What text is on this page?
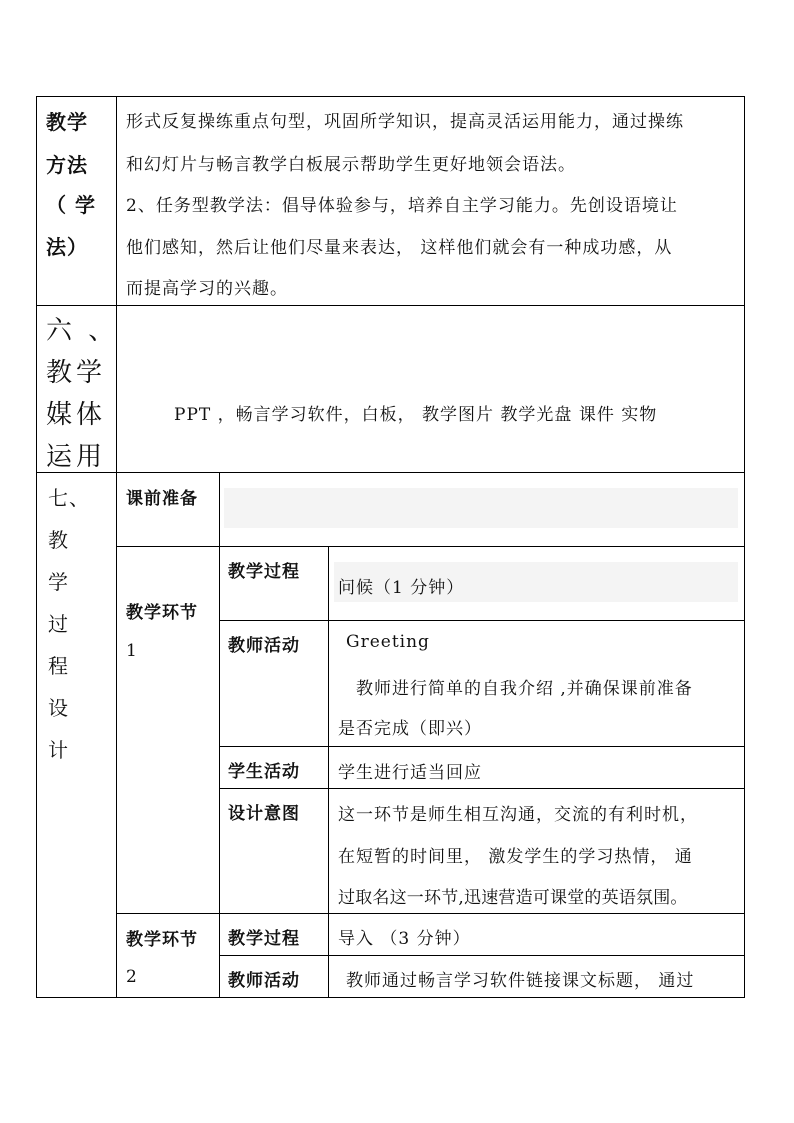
教学
方法
（ 学
法）
形式反复操练重点句型，巩固所学知识，提高灵活运用能力，通过操练
和幻灯片与畅言教学白板展示帮助学生更好地领会语法。
2、任务型教学法：倡导体验参与，培养自主学习能力。先创设语境让
他们感知，然后让他们尽量来表达， 这样他们就会有一种成功感，从
而提高学习的兴趣。
六 、
教学
媒体
运用
PPT ，畅言学习软件，白板， 教学图片 教学光盘 课件 实物
七、
教
学
过
程
设
计
课前准备
教学环节
1
教学过程
问候（1 分钟）
教师活动	Greeting
教师进行简单的自我介绍 ,并确保课前准备
是否完成（即兴）
学生活动 学生进行适当回应
设计意图 这一环节是师生相互沟通，交流的有利时机，
在短暂的时间里， 激发学生的学习热情， 通
过取名这一环节,迅速营造可课堂的英语氛围。
教学环节
2
教学过程 导入 （3 分钟）
教师活动	教师通过畅言学习软件链接课文标题， 通过
